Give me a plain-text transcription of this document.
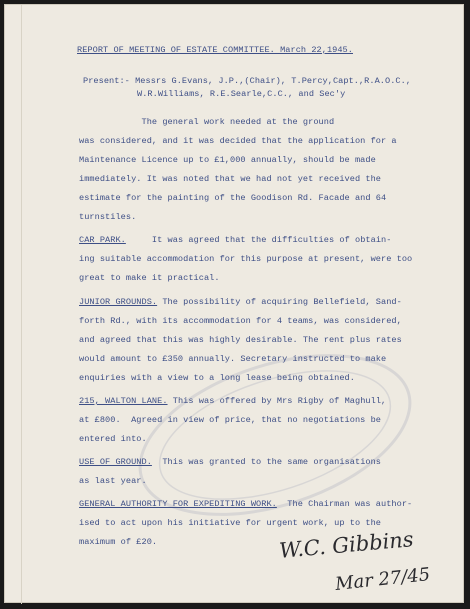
REPORT OF MEETING OF ESTATE COMMITTEE. March 22,1945.
Present:- Messrs G.Evans, J.P.,(Chair), T.Percy,Capt.,R.A.O.C.,
W.R.Williams, R.E.Searle,C.C., and Sec'y
The general work needed at the ground
was considered, and it was decided that the application for a
Maintenance Licence up to £1,000 annually, should be made
immediately. It was noted that we had not yet received the
estimate for the painting of the Goodison Rd. Facade and 64
turnstiles.
CAR PARK.     It was agreed that the difficulties of obtain-
ing suitable accommodation for this purpose at present, were too
great to make it practical.
JUNIOR GROUNDS. The possibility of acquiring Bellefield, Sand-
forth Rd., with its accommodation for 4 teams, was considered,
and agreed that this was highly desirable. The rent plus rates
would amount to £350 annually. Secretary instructed to make
enquiries with a view to a long lease being obtained.
215, WALTON LANE. This was offered by Mrs Rigby of Maghull,
at £800.  Agreed in view of price, that no negotiations be
entered into.
USE OF GROUND.  This was granted to the same organisations
as last year.
GENERAL AUTHORITY FOR EXPEDITING WORK.  The Chairman was author-
ised to act upon his initiative for urgent work, up to the
maximum of £20.	W.C. Gibbins
Mar 27/45
